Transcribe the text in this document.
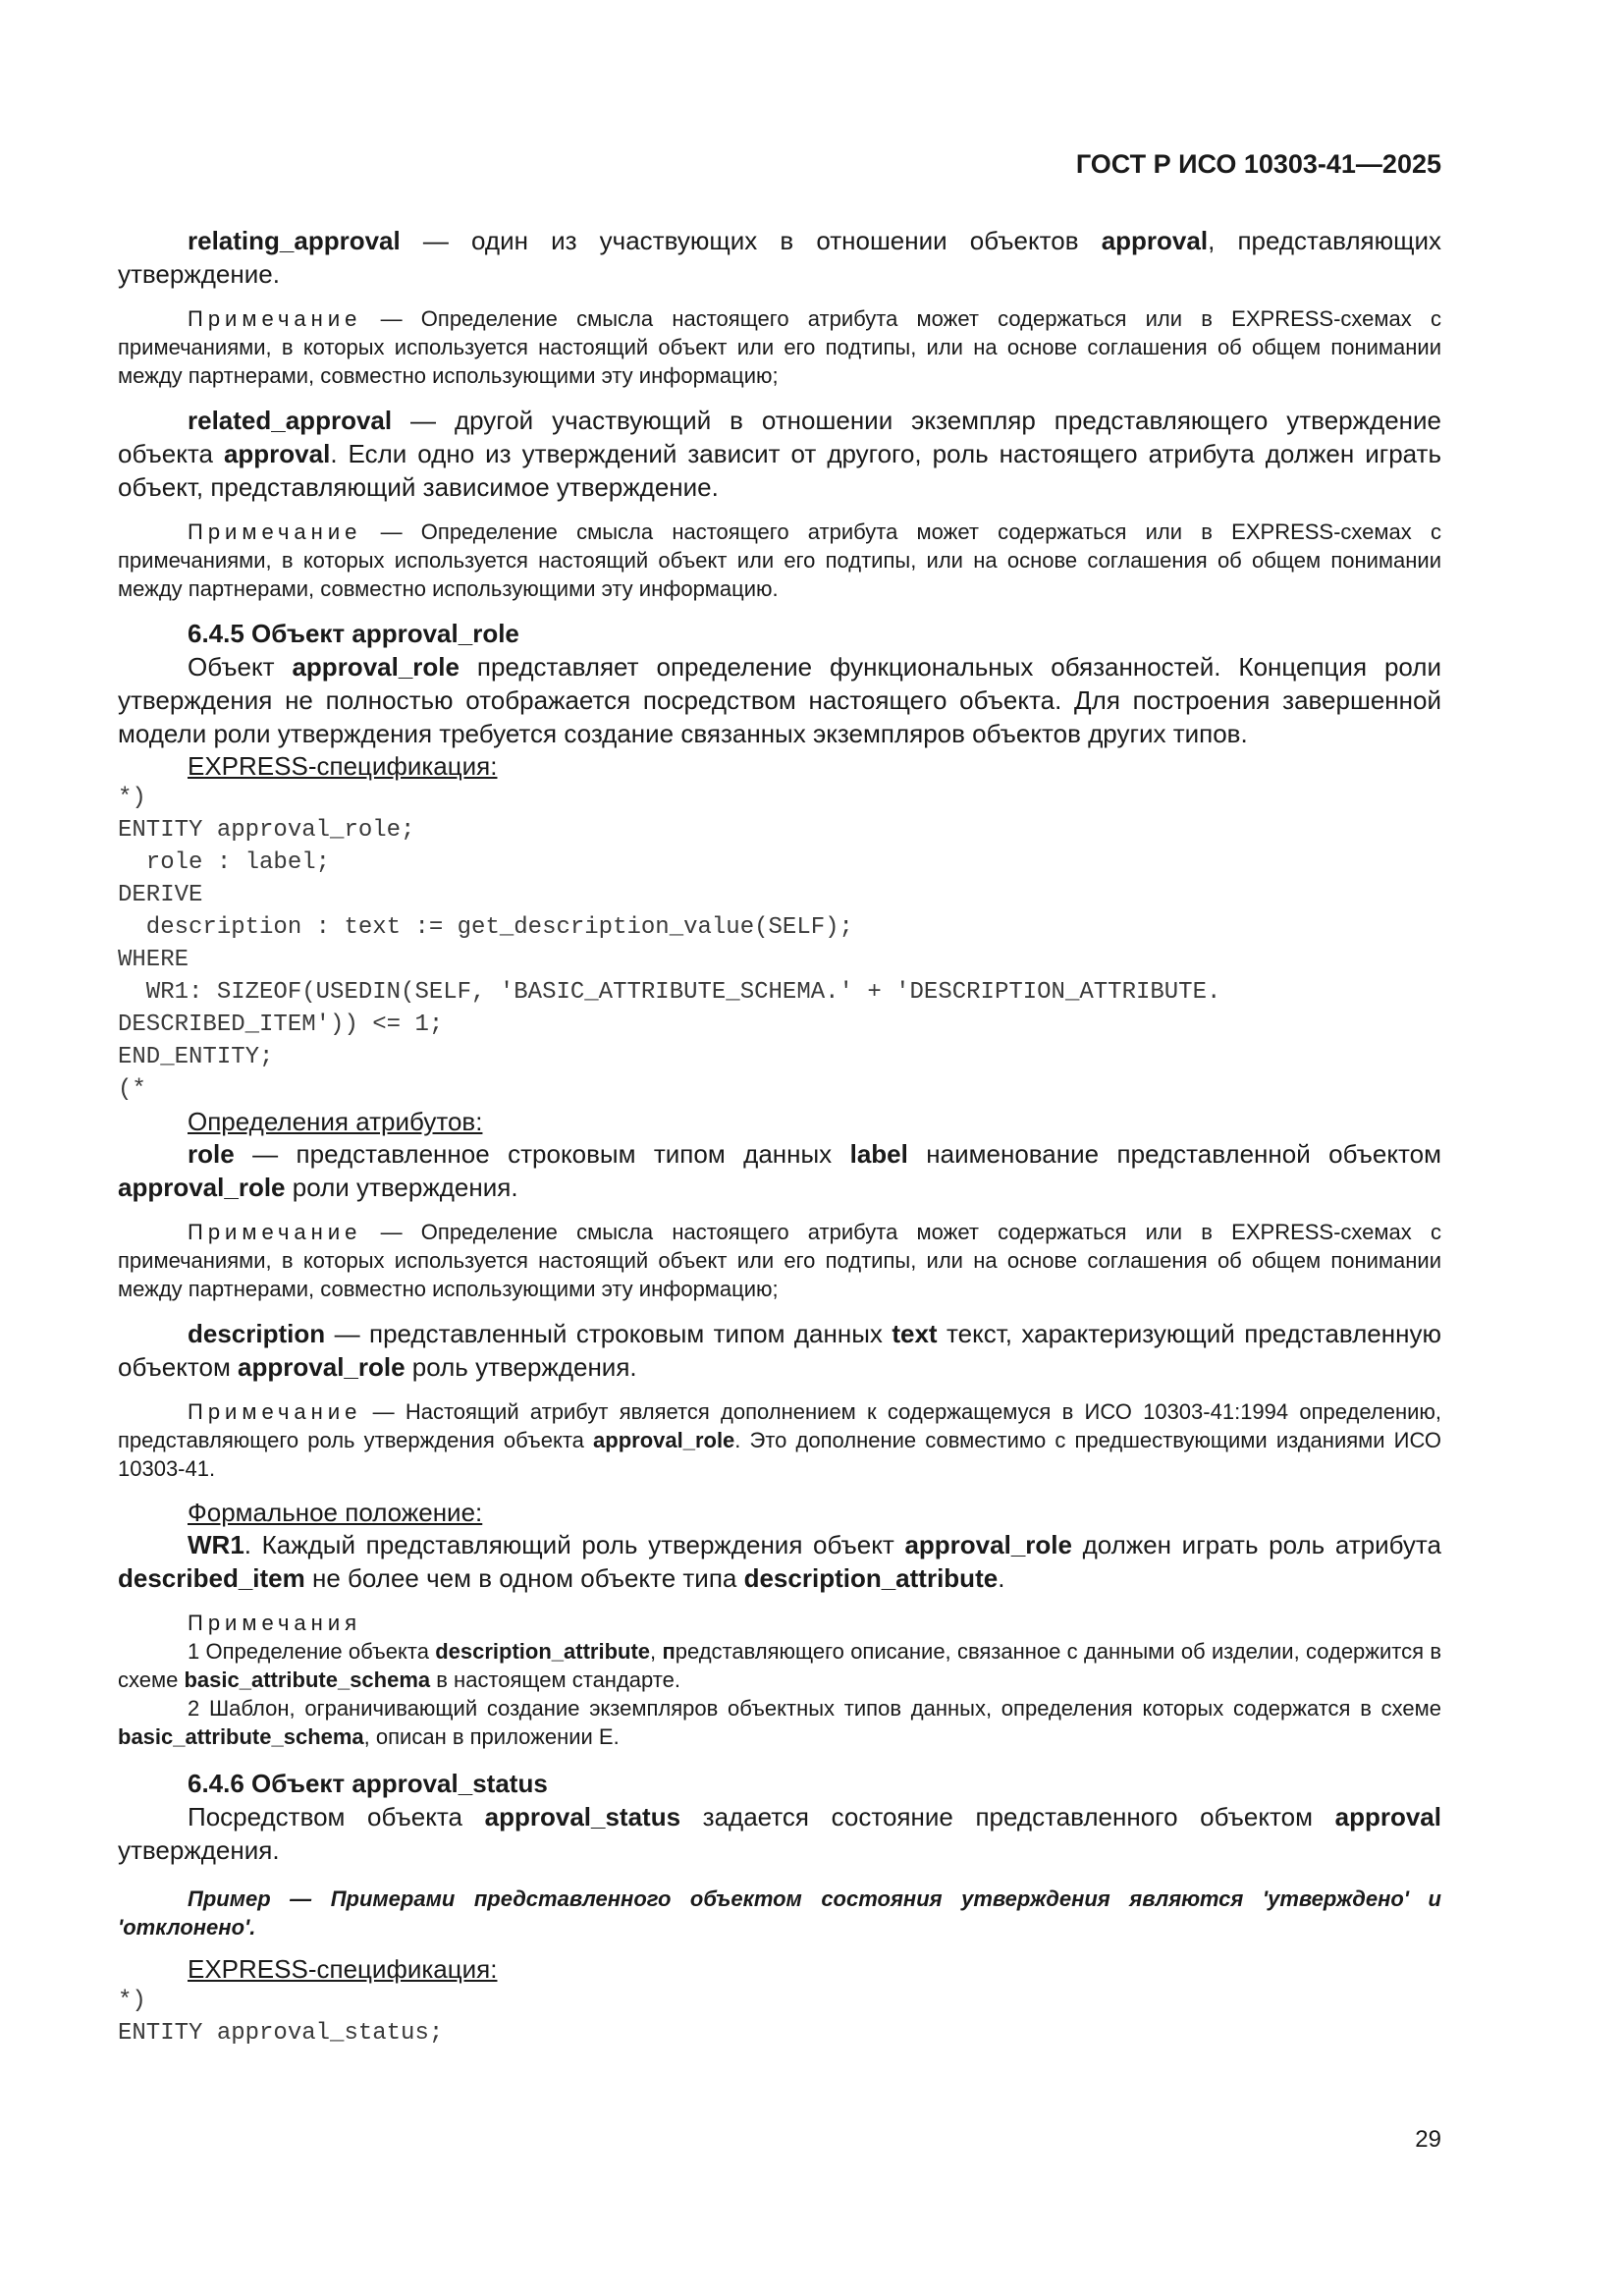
ГОСТ Р ИСО 10303-41—2025

relating_approval — один из участвующих в отношении объектов approval, представляющих утверждение.

Примечание — Определение смысла настоящего атрибута может содержаться или в EXPRESS-схемах с примечаниями, в которых используется настоящий объект или его подтипы, или на основе соглашения об общем понимании между партнерами, совместно использующими эту информацию;

related_approval — другой участвующий в отношении экземпляр представляющего утверждение объекта approval. Если одно из утверждений зависит от другого, роль настоящего атрибута должен играть объект, представляющий зависимое утверждение.

Примечание — Определение смысла настоящего атрибута может содержаться или в EXPRESS-схемах с примечаниями, в которых используется настоящий объект или его подтипы, или на основе соглашения об общем понимании между партнерами, совместно использующими эту информацию.

6.4.5 Объект approval_role

Объект approval_role представляет определение функциональных обязанностей. Концепция роли утверждения не полностью отображается посредством настоящего объекта. Для построения завершенной модели роли утверждения требуется создание связанных экземпляров объектов других типов.

EXPRESS-спецификация:

*)
ENTITY approval_role;
role : label;
DERIVE
description : text := get_description_value(SELF);
WHERE
WR1: SIZEOF(USEDIN(SELF, 'BASIC_ATTRIBUTE_SCHEMA.' + 'DESCRIPTION_ATTRIBUTE.
DESCRIBED_ITEM')) <= 1;
END_ENTITY;
(*

Определения атрибутов:

role — представленное строковым типом данных label наименование представленной объектом approval_role роли утверждения.

Примечание — Определение смысла настоящего атрибута может содержаться или в EXPRESS-схемах с примечаниями, в которых используется настоящий объект или его подтипы, или на основе соглашения об общем понимании между партнерами, совместно использующими эту информацию;

description — представленный строковым типом данных text текст, характеризующий представленную объектом approval_role роль утверждения.

Примечание — Настоящий атрибут является дополнением к содержащемуся в ИСО 10303-41:1994 определению, представляющего роль утверждения объекта approval_role. Это дополнение совместимо с предшествующими изданиями ИСО 10303-41.

Формальное положение:

WR1. Каждый представляющий роль утверждения объект approval_role должен играть роль атрибута described_item не более чем в одном объекте типа description_attribute.

Примечания

1 Определение объекта description_attribute, представляющего описание, связанное с данными об изделии, содержится в схеме basic_attribute_schema в настоящем стандарте.

2 Шаблон, ограничивающий создание экземпляров объектных типов данных, определения которых содержатся в схеме basic_attribute_schema, описан в приложении E.

6.4.6 Объект approval_status

Посредством объекта approval_status задается состояние представленного объектом approval утверждения.

Пример — Примерами представленного объектом состояния утверждения являются 'утверждено' и 'отклонено'.

EXPRESS-спецификация:

*)
ENTITY approval_status;
29
